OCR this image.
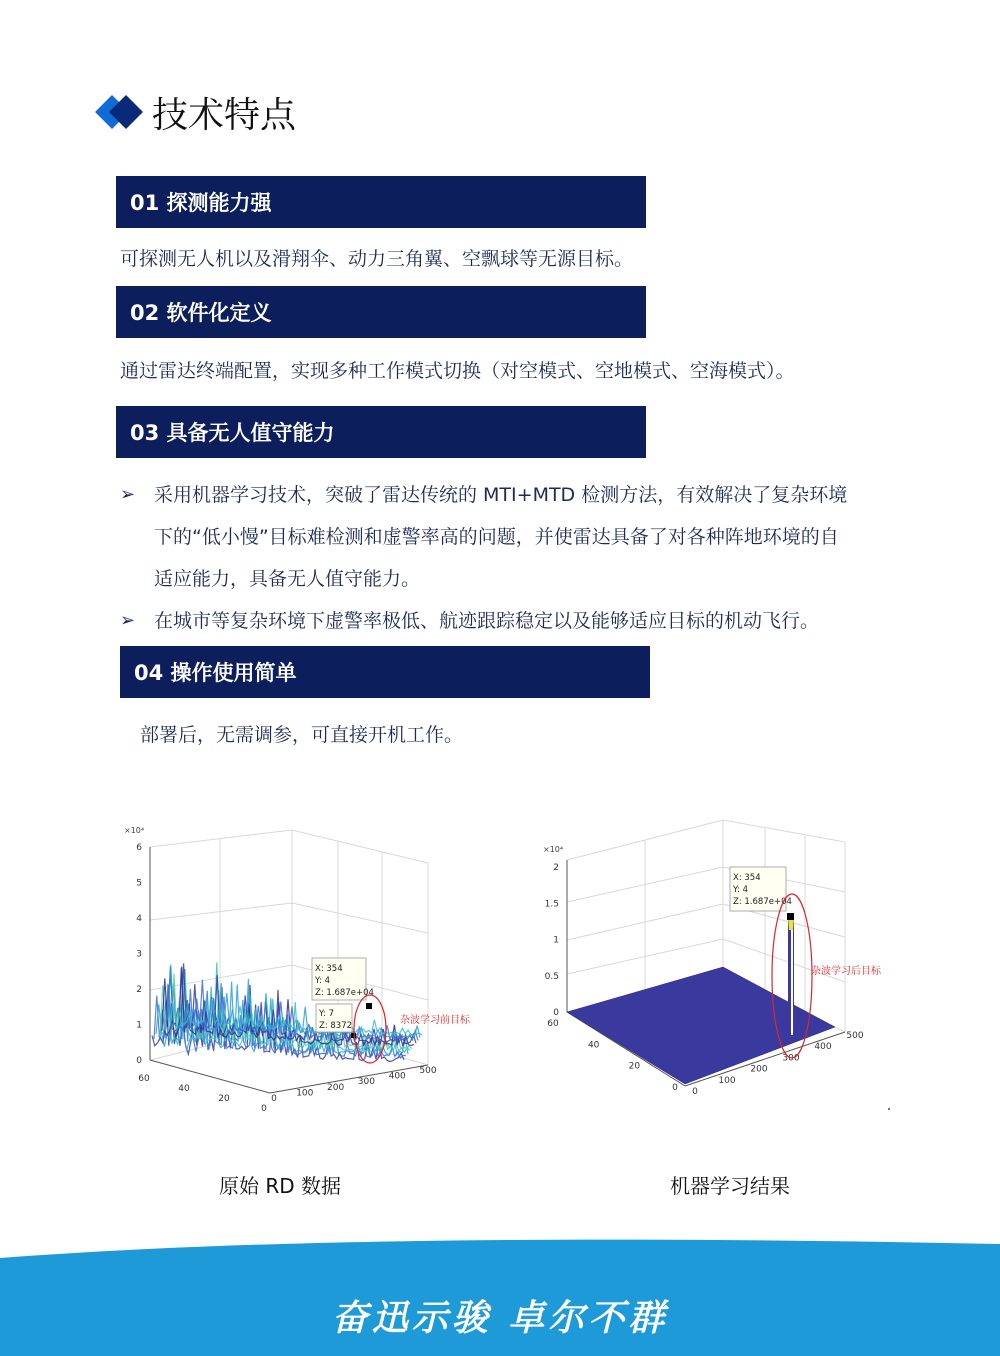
技术特点
01 探测能力强
可探测无人机以及滑翔伞、动力三角翼、空飘球等无源目标。
02 软件化定义
通过雷达终端配置，实现多种工作模式切换（对空模式、空地模式、空海模式）。
03 具备无人值守能力
➢ 采用机器学习技术，突破了雷达传统的 MTI+MTD 检测方法，有效解决了复杂环境
下的“低小慢”目标难检测和虚警率高的问题，并使雷达具备了对各种阵地环境的自
适应能力，具备无人值守能力。
➢ 在城市等复杂环境下虚警率极低、航迹跟踪稳定以及能够适应目标的机动飞行。
04 操作使用简单
部署后，无需调参，可直接开机工作。
0
1
2
3
4
5
6
60
40
20
0
0
100
200
300
400
500
×10⁴
X: 354
Y: 4
Z: 1.687e+04
Y: 7
Z: 8372	杂波学习前目标
原始 RD 数据
0
0.5
1
1.5
2
60
40
20
0 0
100
200
300
400
500
×10⁴
X: 354
Y: 4
Z: 1.687e+04
杂波学习后目标
机器学习结果
奋迅示骏 卓尔不群
